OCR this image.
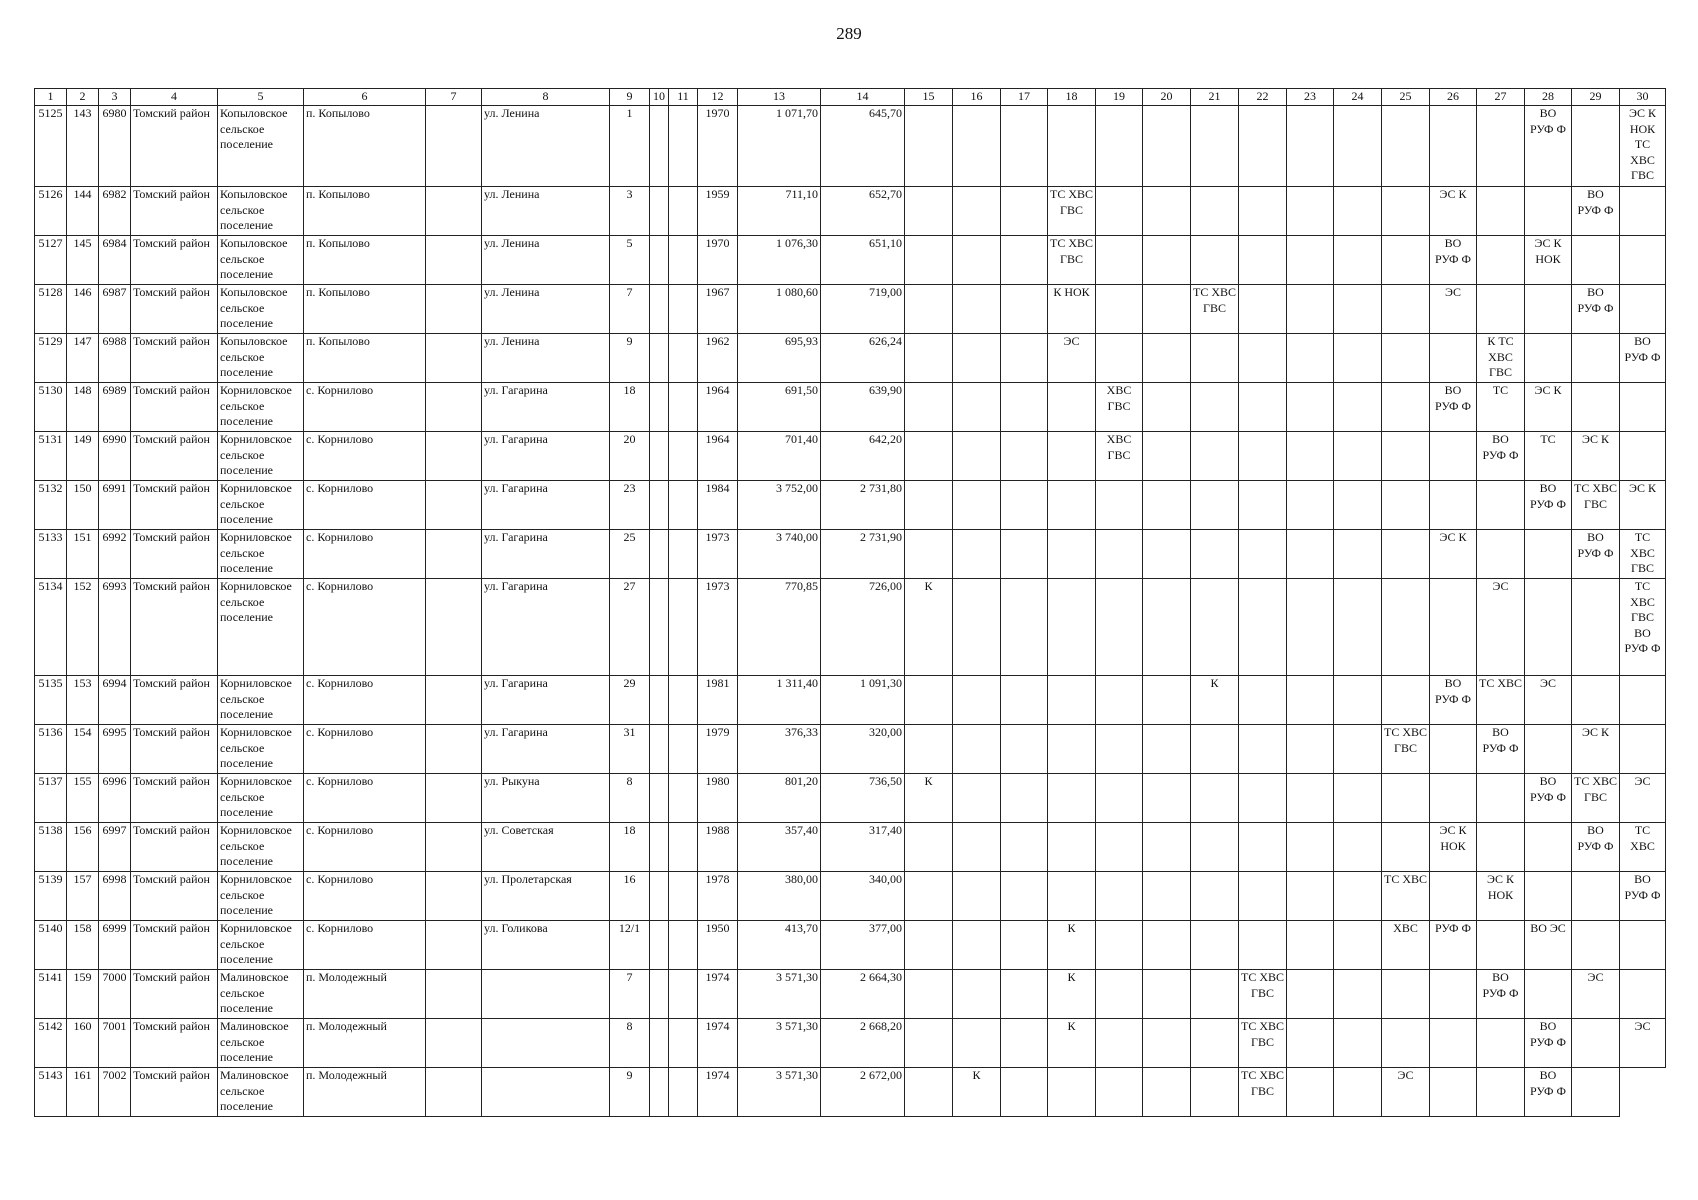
289
1	2	3	4	5	6	7	8	9	10	11	12	13	14	15	16	17	18	19	20	21	22	23	24	25	26	27	28	29	30
5125	143	6980	Томский район	Копыловское сельское поселение	п. Копылово		ул. Ленина	1			1970	1 071,70	645,70														ВО РУФ Ф		ЭС К НОК ТС ХВС ГВС
5126	144	6982	Томский район	Копыловское сельское поселение	п. Копылово		ул. Ленина	3			1959	711,10	652,70				ТС ХВС ГВС								ЭС К			ВО РУФ Ф	
5127	145	6984	Томский район	Копыловское сельское поселение	п. Копылово		ул. Ленина	5			1970	1 076,30	651,10				ТС ХВС ГВС								ВО РУФ Ф		ЭС К НОК		
5128	146	6987	Томский район	Копыловское сельское поселение	п. Копылово		ул. Ленина	7			1967	1 080,60	719,00				К НОК			ТС ХВС ГВС					ЭС			ВО РУФ Ф	
5129	147	6988	Томский район	Копыловское сельское поселение	п. Копылово		ул. Ленина	9			1962	695,93	626,24				ЭС									К ТС ХВС ГВС			ВО РУФ Ф
5130	148	6989	Томский район	Корниловское сельское поселение	с. Корнилово		ул. Гагарина	18			1964	691,50	639,90					ХВС ГВС							ВО РУФ Ф	ТС	ЭС К		
5131	149	6990	Томский район	Корниловское сельское поселение	с. Корнилово		ул. Гагарина	20			1964	701,40	642,20					ХВС ГВС								ВО РУФ Ф	ТС	ЭС К	
5132	150	6991	Томский район	Корниловское сельское поселение	с. Корнилово		ул. Гагарина	23			1984	3 752,00	2 731,80														ВО РУФ Ф	ТС ХВС ГВС	ЭС К
5133	151	6992	Томский район	Корниловское сельское поселение	с. Корнилово		ул. Гагарина	25			1973	3 740,00	2 731,90												ЭС К			ВО РУФ Ф	ТС ХВС ГВС
5134	152	6993	Томский район	Корниловское сельское поселение	с. Корнилово		ул. Гагарина	27			1973	770,85	726,00	К												ЭС			ТС ХВС ГВС ВО РУФ Ф
5135	153	6994	Томский район	Корниловское сельское поселение	с. Корнилово		ул. Гагарина	29			1981	1 311,40	1 091,30							К					ВО РУФ Ф	ТС ХВС	ЭС		
5136	154	6995	Томский район	Корниловское сельское поселение	с. Корнилово		ул. Гагарина	31			1979	376,33	320,00											ТС ХВС ГВС		ВО РУФ Ф		ЭС К	
5137	155	6996	Томский район	Корниловское сельское поселение	с. Корнилово		ул. Рыкуна	8			1980	801,20	736,50	К													ВО РУФ Ф	ТС ХВС ГВС	ЭС
5138	156	6997	Томский район	Корниловское сельское поселение	с. Корнилово		ул. Советская	18			1988	357,40	317,40												ЭС К НОК			ВО РУФ Ф	ТС ХВС
5139	157	6998	Томский район	Корниловское сельское поселение	с. Корнилово		ул. Пролетарская	16			1978	380,00	340,00											ТС ХВС		ЭС К НОК			ВО РУФ Ф
5140	158	6999	Томский район	Корниловское сельское поселение	с. Корнилово		ул. Голикова	12/1			1950	413,70	377,00				К							ХВС	РУФ Ф		ВО ЭС		
5141	159	7000	Томский район	Малиновское сельское поселение	п. Молодежный			7			1974	3 571,30	2 664,30				К				ТС ХВС ГВС					ВО РУФ Ф		ЭС	
5142	160	7001	Томский район	Малиновское сельское поселение	п. Молодежный			8			1974	3 571,30	2 668,20				К				ТС ХВС ГВС						ВО РУФ Ф		ЭС
5143	161	7002	Томский район	Малиновское сельское поселение	п. Молодежный			9			1974	3 571,30	2 672,00		К						ТС ХВС ГВС			ЭС			ВО РУФ Ф		
